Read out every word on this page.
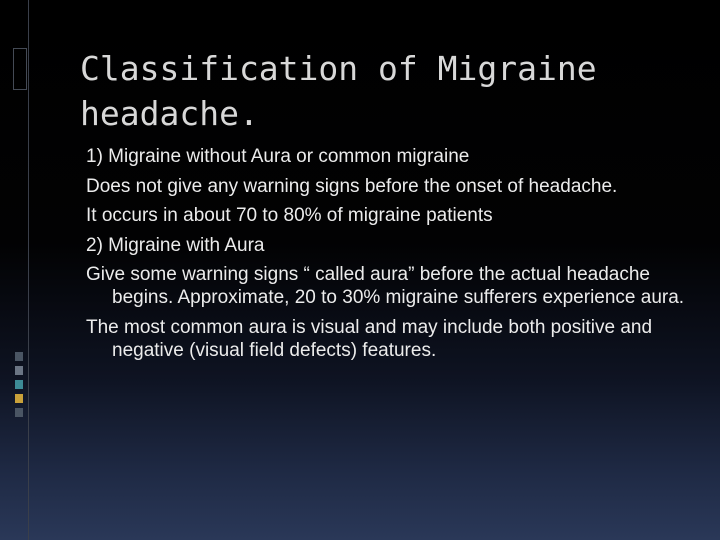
Classification of Migraine headache.
1) Migraine without Aura or common migraine
Does not give any warning signs before the onset of headache.
It occurs in about 70 to 80% of migraine patients
2) Migraine with Aura
Give some warning signs “ called aura” before the actual headache begins. Approximate, 20 to 30% migraine sufferers experience aura.
The most common aura is visual and may include both positive and negative (visual field defects) features.
